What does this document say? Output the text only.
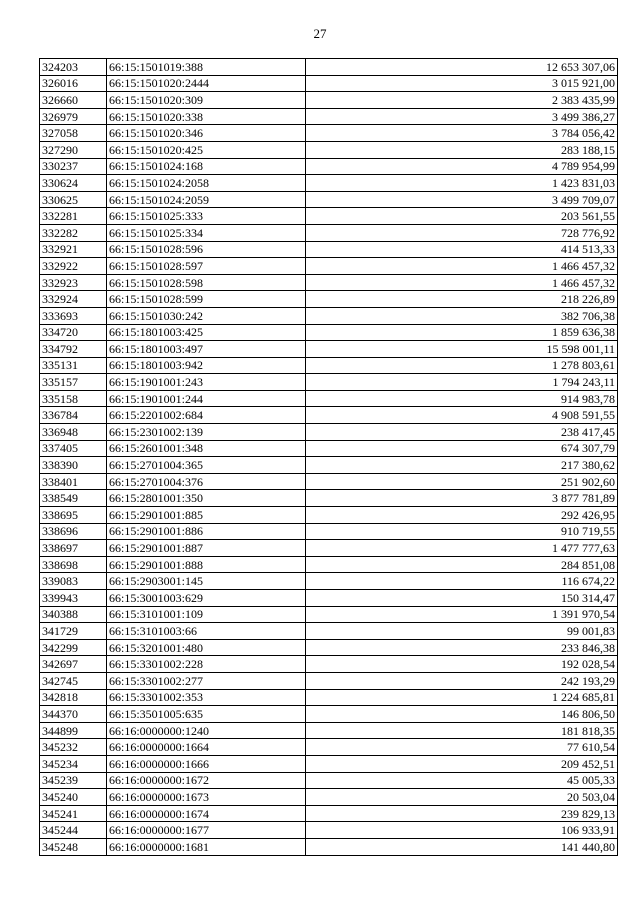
27
324203	66:15:1501019:388	12 653 307,06
326016	66:15:1501020:2444	3 015 921,00
326660	66:15:1501020:309	2 383 435,99
326979	66:15:1501020:338	3 499 386,27
327058	66:15:1501020:346	3 784 056,42
327290	66:15:1501020:425	283 188,15
330237	66:15:1501024:168	4 789 954,99
330624	66:15:1501024:2058	1 423 831,03
330625	66:15:1501024:2059	3 499 709,07
332281	66:15:1501025:333	203 561,55
332282	66:15:1501025:334	728 776,92
332921	66:15:1501028:596	414 513,33
332922	66:15:1501028:597	1 466 457,32
332923	66:15:1501028:598	1 466 457,32
332924	66:15:1501028:599	218 226,89
333693	66:15:1501030:242	382 706,38
334720	66:15:1801003:425	1 859 636,38
334792	66:15:1801003:497	15 598 001,11
335131	66:15:1801003:942	1 278 803,61
335157	66:15:1901001:243	1 794 243,11
335158	66:15:1901001:244	914 983,78
336784	66:15:2201002:684	4 908 591,55
336948	66:15:2301002:139	238 417,45
337405	66:15:2601001:348	674 307,79
338390	66:15:2701004:365	217 380,62
338401	66:15:2701004:376	251 902,60
338549	66:15:2801001:350	3 877 781,89
338695	66:15:2901001:885	292 426,95
338696	66:15:2901001:886	910 719,55
338697	66:15:2901001:887	1 477 777,63
338698	66:15:2901001:888	284 851,08
339083	66:15:2903001:145	116 674,22
339943	66:15:3001003:629	150 314,47
340388	66:15:3101001:109	1 391 970,54
341729	66:15:3101003:66	99 001,83
342299	66:15:3201001:480	233 846,38
342697	66:15:3301002:228	192 028,54
342745	66:15:3301002:277	242 193,29
342818	66:15:3301002:353	1 224 685,81
344370	66:15:3501005:635	146 806,50
344899	66:16:0000000:1240	181 818,35
345232	66:16:0000000:1664	77 610,54
345234	66:16:0000000:1666	209 452,51
345239	66:16:0000000:1672	45 005,33
345240	66:16:0000000:1673	20 503,04
345241	66:16:0000000:1674	239 829,13
345244	66:16:0000000:1677	106 933,91
345248	66:16:0000000:1681	141 440,80
